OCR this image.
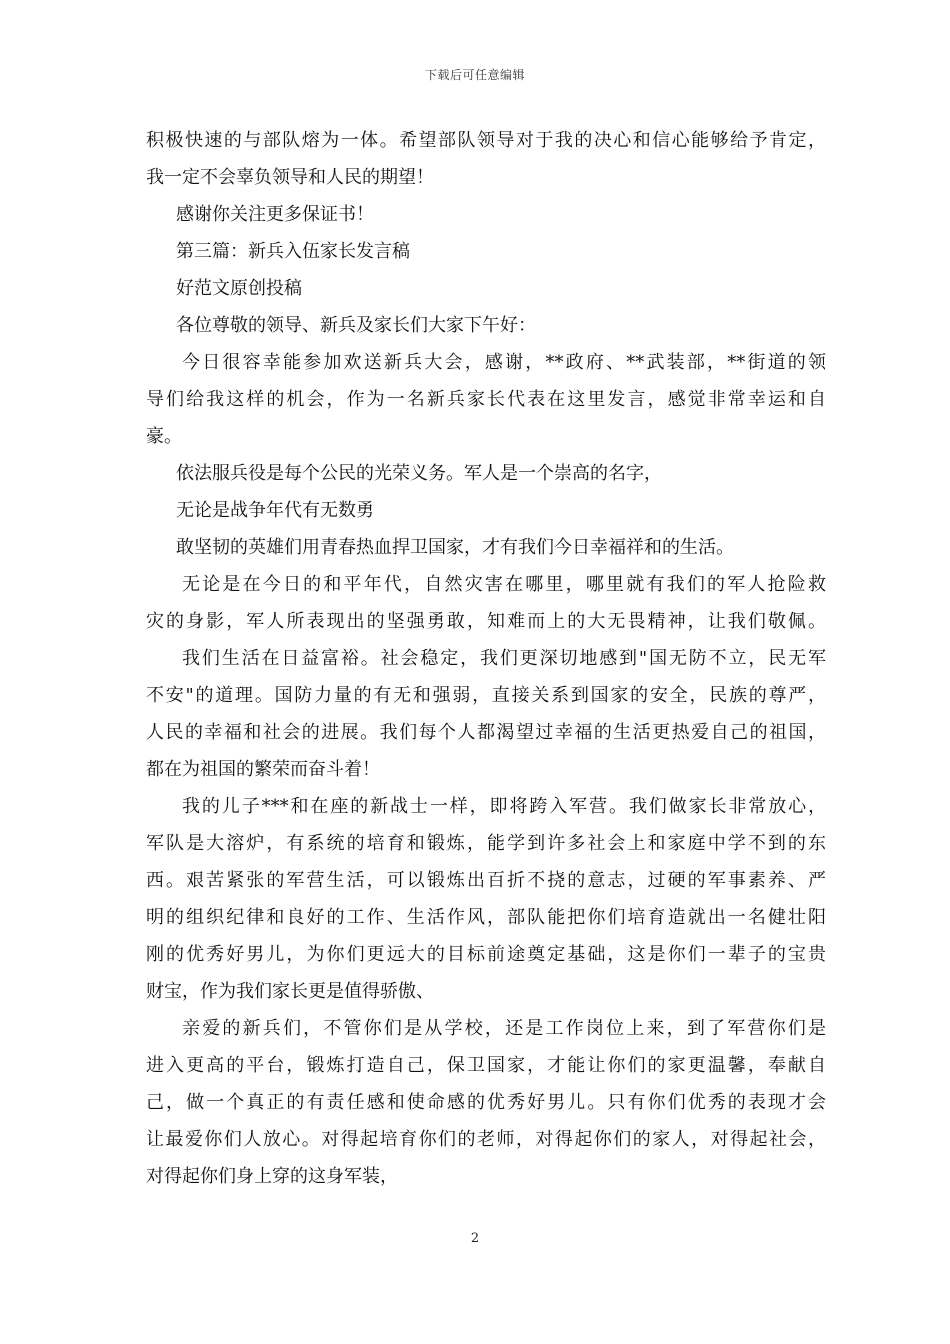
下载后可任意编辑
积极快速的与部队熔为一体。希望部队领导对于我的决心和信心能够给予肯定，
我一定不会辜负领导和人民的期望！
感谢你关注更多保证书！
第三篇：新兵入伍家长发言稿
好范文原创投稿
各位尊敬的领导、新兵及家长们大家下午好：
今日很容幸能参加欢送新兵大会，感谢，**政府、**武装部，**街道的领
导们给我这样的机会，作为一名新兵家长代表在这里发言，感觉非常幸运和自
豪。
依法服兵役是每个公民的光荣义务。军人是一个崇高的名字，
无论是战争年代有无数勇
敢坚韧的英雄们用青春热血捍卫国家，才有我们今日幸福祥和的生活。
无论是在今日的和平年代，自然灾害在哪里，哪里就有我们的军人抢险救
灾的身影，军人所表现出的坚强勇敢，知难而上的大无畏精神，让我们敬佩。
我们生活在日益富裕。社会稳定，我们更深切地感到"国无防不立，民无军
不安"的道理。国防力量的有无和强弱，直接关系到国家的安全，民族的尊严，
人民的幸福和社会的进展。我们每个人都渴望过幸福的生活更热爱自己的祖国，
都在为祖国的繁荣而奋斗着！
我的儿子***和在座的新战士一样，即将跨入军营。我们做家长非常放心，
军队是大溶炉，有系统的培育和锻炼，能学到许多社会上和家庭中学不到的东
西。艰苦紧张的军营生活，可以锻炼出百折不挠的意志，过硬的军事素养、严
明的组织纪律和良好的工作、生活作风，部队能把你们培育造就出一名健壮阳
刚的优秀好男儿，为你们更远大的目标前途奠定基础，这是你们一辈子的宝贵
财宝，作为我们家长更是值得骄傲、
亲爱的新兵们，不管你们是从学校，还是工作岗位上来，到了军营你们是
进入更高的平台，锻炼打造自己，保卫国家，才能让你们的家更温馨，奉献自
己，做一个真正的有责任感和使命感的优秀好男儿。只有你们优秀的表现才会
让最爱你们人放心。对得起培育你们的老师，对得起你们的家人，对得起社会，
对得起你们身上穿的这身军装，
2
